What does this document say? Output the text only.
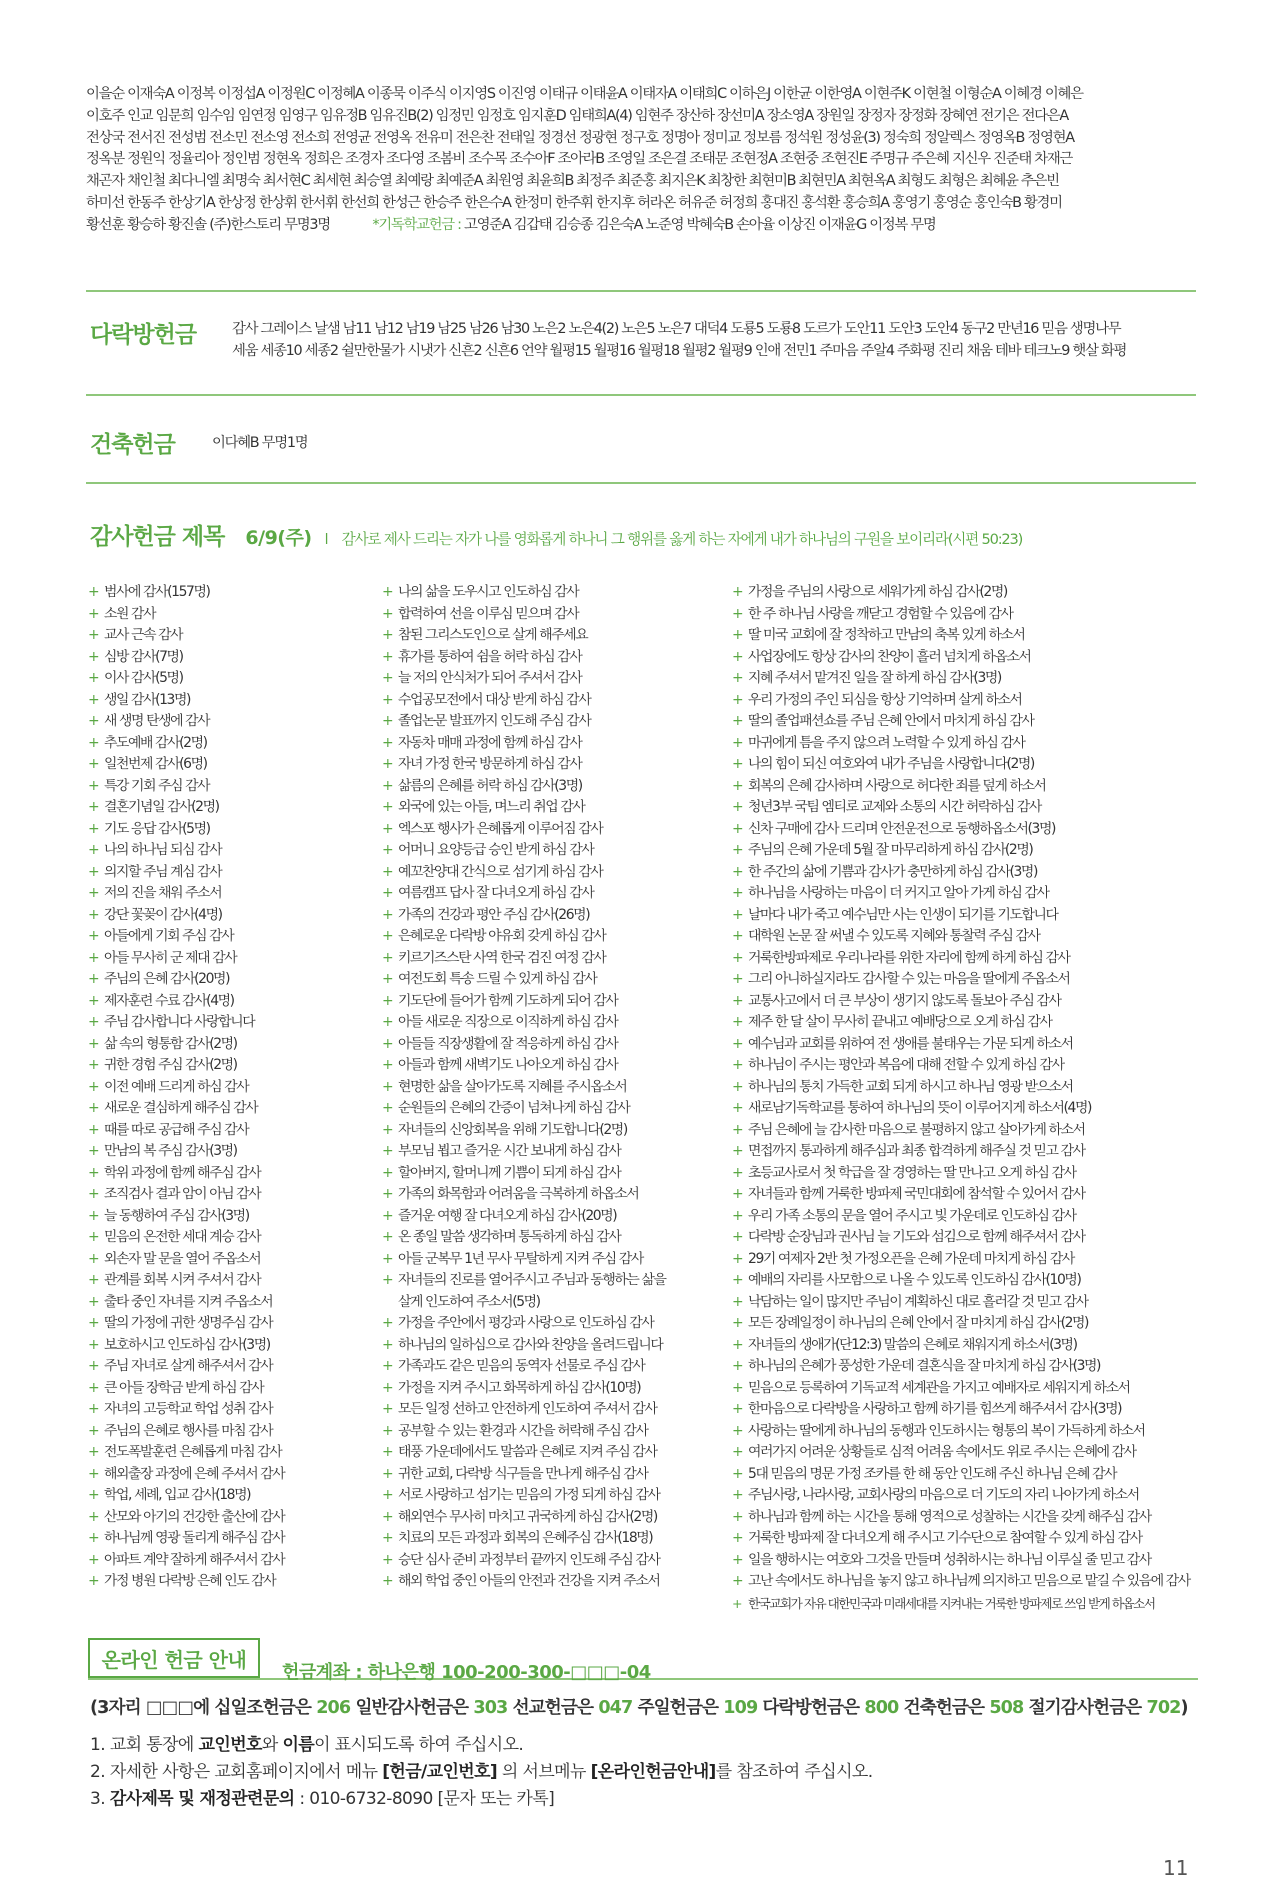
이을순 이재숙A 이정복 이정섭A 이정원C 이정혜A 이종묵 이주식 이지영S 이진영 이태규 이태윤A 이태자A 이태희C 이하은J 이한균 이한영A 이현주K 이현철 이형순A 이혜경 이혜은
이호주 인교 임문희 임수임 임연정 임영구 임유정B 임유진B(2) 임정민 임정호 임지훈D 임태희A(4) 임현주 장산하 장선미A 장소영A 장원일 장정자 장정화 장혜연 전기은 전다은A
전상국 전서진 전성범 전소민 전소영 전소희 전영균 전영옥 전유미 전은찬 전태일 정경선 정광현 정구호 정명아 정미교 정보름 정석원 정성윤(3) 정숙희 정알렉스 정영옥B 정영현A
정옥분 정원익 정율리아 정인범 정현옥 정희은 조경자 조다영 조봄비 조수목 조수아F 조아라B 조영일 조은결 조태문 조현정A 조현중 조현진E 주명규 주은혜 지신우 진준태 차재근
채곤자 채인철 최다니엘 최명숙 최서현C 최세현 최승열 최예랑 최예준A 최원영 최윤희B 최정주 최준홍 최지은K 최창한 최현미B 최현민A 최현옥A 최형도 최형은 최혜윤 추은빈
하미선 한동주 한상기A 한상정 한상휘 한서휘 한선희 한성근 한승주 한은수A 한정미 한주휘 한지후 허라온 허유준 허정희 홍대진 홍석환 홍승희A 홍영기 홍영순 홍인숙B 황경미
황선훈 황승하 황진솔 (주)한스토리 무명3명	*기독학교헌금 : 고영준A 김갑태 김승종 김은숙A 노준영 박혜숙B 손아율 이상진 이재윤G 이정복 무명
다락방헌금 감사 그레이스 날샘 남11 남12 남19 남25 남26 남30 노은2 노은4(2) 노은5 노은7 대덕4 도룡5 도룡8 도르가 도안11 도안3 도안4 동구2 만년16 믿음 생명나무
세움 세종10 세종2 쉴만한물가 시냇가 신흔2 신흔6 언약 월평15 월평16 월평18 월평2 월평9 인애 전민1 주마음 주알4 주화평 진리 채움 테바 테크노9 햇살 화평
건축헌금	이다혜B 무명1명
감사헌금 제목 6/9(주) l 감사로 제사 드리는 자가 나를 영화롭게 하나니 그 행위를 옳게 하는 자에게 내가 하나님의 구원을 보이리라(시편 50:23)
+ 범사에 감사(157명)
+ 소원 감사
+ 교사 근속 감사
+ 심방 감사(7명)
+ 이사 감사(5명)
+ 생일 감사(13명)
+ 새 생명 탄생에 감사
+ 추도예배 감사(2명)
+ 일천번제 감사(6명)
+ 특강 기회 주심 감사
+ 결혼기념일 감사(2명)
+ 기도 응답 감사(5명)
+ 나의 하나님 되심 감사
+ 의지할 주님 계심 감사
+ 저의 진을 채워 주소서
+ 강단 꽃꽂이 감사(4명)
+ 아들에게 기회 주심 감사
+ 아들 무사히 군 제대 감사
+ 주님의 은혜 감사(20명)
+ 제자훈련 수료 감사(4명)
+ 주님 감사합니다 사랑합니다
+ 삶 속의 형통함 감사(2명)
+ 귀한 경험 주심 감사(2명)
+ 이전 예배 드리게 하심 감사
+ 새로운 결심하게 해주심 감사
+ 때를 따로 공급해 주심 감사
+ 만남의 복 주심 감사(3명)
+ 학위 과정에 함께 해주심 감사
+ 조직검사 결과 암이 아님 감사
+ 늘 동행하여 주심 감사(3명)
+ 믿음의 온전한 세대 계승 감사
+ 외손자 말 문을 열어 주옵소서
+ 관계를 회복 시켜 주셔서 감사
+ 출타 중인 자녀를 지켜 주옵소서
+ 딸의 가정에 귀한 생명주심 감사
+ 보호하시고 인도하심 감사(3명)
+ 주님 자녀로 살게 해주셔서 감사
+ 큰 아들 장학금 받게 하심 감사
+ 자녀의 고등학교 학업 성취 감사
+ 주님의 은혜로 행사를 마침 감사
+ 전도폭발훈련 은혜롭게 마침 감사
+ 해외출장 과정에 은혜 주셔서 감사
+ 학업, 세례, 입교 감사(18명)
+ 산모와 아기의 건강한 출산에 감사
+ 하나님께 영광 돌리게 해주심 감사
+ 아파트 계약 잘하게 해주셔서 감사
+ 가정 병원 다락방 은혜 인도 감사
+ 나의 삶을 도우시고 인도하심 감사
+ 합력하여 선을 이루심 믿으며 감사
+ 참된 그리스도인으로 살게 해주세요
+ 휴가를 통하여 쉼을 허락 하심 감사
+ 늘 저의 안식처가 되어 주셔서 감사
+ 수업공모전에서 대상 받게 하심 감사
+ 졸업논문 발표까지 인도해 주심 감사
+ 자동차 매매 과정에 함께 하심 감사
+ 자녀 가정 한국 방문하게 하심 감사
+ 삶름의 은혜를 허락 하심 감사(3명)
+ 외국에 있는 아들, 며느리 취업 감사
+ 엑스포 행사가 은혜롭게 이루어짐 감사
+ 어머니 요양등급 승인 받게 하심 감사
+ 예꼬찬양대 간식으로 섬기게 하심 감사
+ 여름캠프 답사 잘 다녀오게 하심 감사
+ 가족의 건강과 평안 주심 감사(26명)
+ 은혜로운 다락방 야유회 갖게 하심 감사
+ 키르기즈스탄 사역 한국 검진 여정 감사
+ 여전도회 특송 드릴 수 있게 하심 감사
+ 기도단에 들어가 함께 기도하게 되어 감사
+ 아들 새로운 직장으로 이직하게 하심 감사
+ 아들들 직장생활에 잘 적응하게 하심 감사
+ 아들과 함께 새벽기도 나아오게 하심 감사
+ 현명한 삶을 살아가도록 지혜를 주시옵소서
+ 순원들의 은혜의 간증이 넘쳐나게 하심 감사
+ 자녀들의 신앙회복을 위해 기도합니다(2명)
+ 부모님 뵙고 즐거운 시간 보내게 하심 감사
+ 할아버지, 할머니께 기쁨이 되게 하심 감사
+ 가족의 화목함과 어려움을 극복하게 하옵소서
+ 즐거운 여행 잘 다녀오게 하심 감사(20명)
+ 온 종일 말씀 생각하며 통독하게 하심 감사
+ 아들 군복무 1년 무사 무탈하게 지켜 주심 감사
+ 자녀들의 진로를 열어주시고 주님과 동행하는 삶을
살게 인도하여 주소서(5명)
+ 가정을 주안에서 평강과 사랑으로 인도하심 감사
+ 하나님의 일하심으로 감사와 찬양을 올려드립니다
+ 가족과도 같은 믿음의 동역자 선물로 주심 감사
+ 가정을 지켜 주시고 화목하게 하심 감사(10명)
+ 모든 일정 선하고 안전하게 인도하여 주셔서 감사
+ 공부할 수 있는 환경과 시간을 허락해 주심 감사
+ 태풍 가운데에서도 말씀과 은혜로 지켜 주심 감사
+ 귀한 교회, 다락방 식구들을 만나게 해주심 감사
+ 서로 사랑하고 섬기는 믿음의 가정 되게 하심 감사
+ 해외연수 무사히 마치고 귀국하게 하심 감사(2명)
+ 치료의 모든 과정과 회복의 은혜주심 감사(18명)
+ 승단 심사 준비 과정부터 끝까지 인도해 주심 감사
+ 해외 학업 중인 아들의 안전과 건강을 지켜 주소서
+ 가정을 주님의 사랑으로 세워가게 하심 감사(2명)
+ 한 주 하나님 사랑을 깨닫고 경험할 수 있음에 감사
+ 딸 미국 교회에 잘 정착하고 만남의 축복 있게 하소서
+ 사업장에도 항상 감사의 찬양이 흘러 넘치게 하옵소서
+ 지혜 주셔서 맡겨진 일을 잘 하게 하심 감사(3명)
+ 우리 가정의 주인 되심을 항상 기억하며 살게 하소서
+ 딸의 졸업패션쇼를 주님 은혜 안에서 마치게 하심 감사
+ 마귀에게 틈을 주지 않으려 노력할 수 있게 하심 감사
+ 나의 힘이 되신 여호와여 내가 주님을 사랑합니다(2명)
+ 회복의 은혜 감사하며 사랑으로 허다한 죄를 덮게 하소서
+ 청년3부 국팀 엠티로 교제와 소통의 시간 허락하심 감사
+ 신차 구매에 감사 드리며 안전운전으로 동행하옵소서(3명)
+ 주님의 은혜 가운데 5월 잘 마무리하게 하심 감사(2명)
+ 한 주간의 삶에 기쁨과 감사가 충만하게 하심 감사(3명)
+ 하나님을 사랑하는 마음이 더 커지고 알아 가게 하심 감사
+ 날마다 내가 죽고 예수님만 사는 인생이 되기를 기도합니다
+ 대학원 논문 잘 써낼 수 있도록 지혜와 통찰력 주심 감사
+ 거룩한방파제로 우리나라를 위한 자리에 함께 하게 하심 감사
+ 그리 아니하실지라도 감사할 수 있는 마음을 딸에게 주옵소서
+ 교통사고에서 더 큰 부상이 생기지 않도록 돌보아 주심 감사
+ 제주 한 달 살이 무사히 끝내고 예배당으로 오게 하심 감사
+ 예수님과 교회를 위하여 전 생애를 불태우는 가문 되게 하소서
+ 하나님이 주시는 평안과 복음에 대해 전할 수 있게 하심 감사
+ 하나님의 통치 가득한 교회 되게 하시고 하나님 영광 받으소서
+ 새로남기독학교를 통하여 하나님의 뜻이 이루어지게 하소서(4명)
+ 주님 은혜에 늘 감사한 마음으로 불평하지 않고 살아가게 하소서
+ 면접까지 통과하게 해주심과 최종 합격하게 해주실 것 믿고 감사
+ 초등교사로서 첫 학급을 잘 경영하는 딸 만나고 오게 하심 감사
+ 자녀들과 함께 거룩한 방파제 국민대회에 참석할 수 있어서 감사
+ 우리 가족 소통의 문을 열어 주시고 빛 가운데로 인도하심 감사
+ 다락방 순장님과 권사님 늘 기도와 섬김으로 함께 해주셔서 감사
+ 29기 여제자 2반 첫 가정오픈을 은혜 가운데 마치게 하심 감사
+ 예배의 자리를 사모함으로 나올 수 있도록 인도하심 감사(10명)
+ 낙담하는 일이 많지만 주님이 계획하신 대로 흘러갈 것 믿고 감사
+ 모든 장례일정이 하나님의 은혜 안에서 잘 마치게 하심 감사(2명)
+ 자녀들의 생애가(단12:3) 말씀의 은혜로 채워지게 하소서(3명)
+ 하나님의 은혜가 풍성한 가운데 결혼식을 잘 마치게 하심 감사(3명)
+ 믿음으로 등록하여 기독교적 세계관을 가지고 예배자로 세워지게 하소서
+ 한마음으로 다락방을 사랑하고 함께 하기를 힘쓰게 해주셔서 감사(3명)
+ 사랑하는 딸에게 하나님의 동행과 인도하시는 형통의 복이 가득하게 하소서
+ 여러가지 어려운 상황들로 심적 어려움 속에서도 위로 주시는 은혜에 감사
+ 5대 믿음의 명문 가정 조카를 한 해 동안 인도해 주신 하나님 은혜 감사
+ 주님사랑, 나라사랑, 교회사랑의 마음으로 더 기도의 자리 나아가게 하소서
+ 하나님과 함께 하는 시간을 통해 영적으로 성찰하는 시간을 갖게 해주심 감사
+ 거룩한 방파제 잘 다녀오게 해 주시고 기수단으로 참여할 수 있게 하심 감사
+ 일을 행하시는 여호와 그것을 만들며 성취하시는 하나님 이루실 줄 믿고 감사
+ 고난 속에서도 하나님을 놓지 않고 하나님께 의지하고 믿음으로 맡길 수 있음에 감사
+ 한국교회가 자유 대한민국과 미래세대를 지켜내는 거룩한 방파제로 쓰임 받게 하옵소서
온라인 헌금 안내
헌금계좌 : 하나은행 100-200-300-□□□-04
(3자리 □□□에 십일조헌금은 206 일반감사헌금은 303 선교헌금은 047 주일헌금은 109 다락방헌금은 800 건축헌금은 508 절기감사헌금은 702)
1. 교회 통장에 교인번호와 이름이 표시되도록 하여 주십시오.
2. 자세한 사항은 교회홈페이지에서 메뉴 [헌금/교인번호] 의 서브메뉴 [온라인헌금안내]를 참조하여 주십시오.
3. 감사제목 및 재정관련문의 : 010-6732-8090 [문자 또는 카톡]
11
